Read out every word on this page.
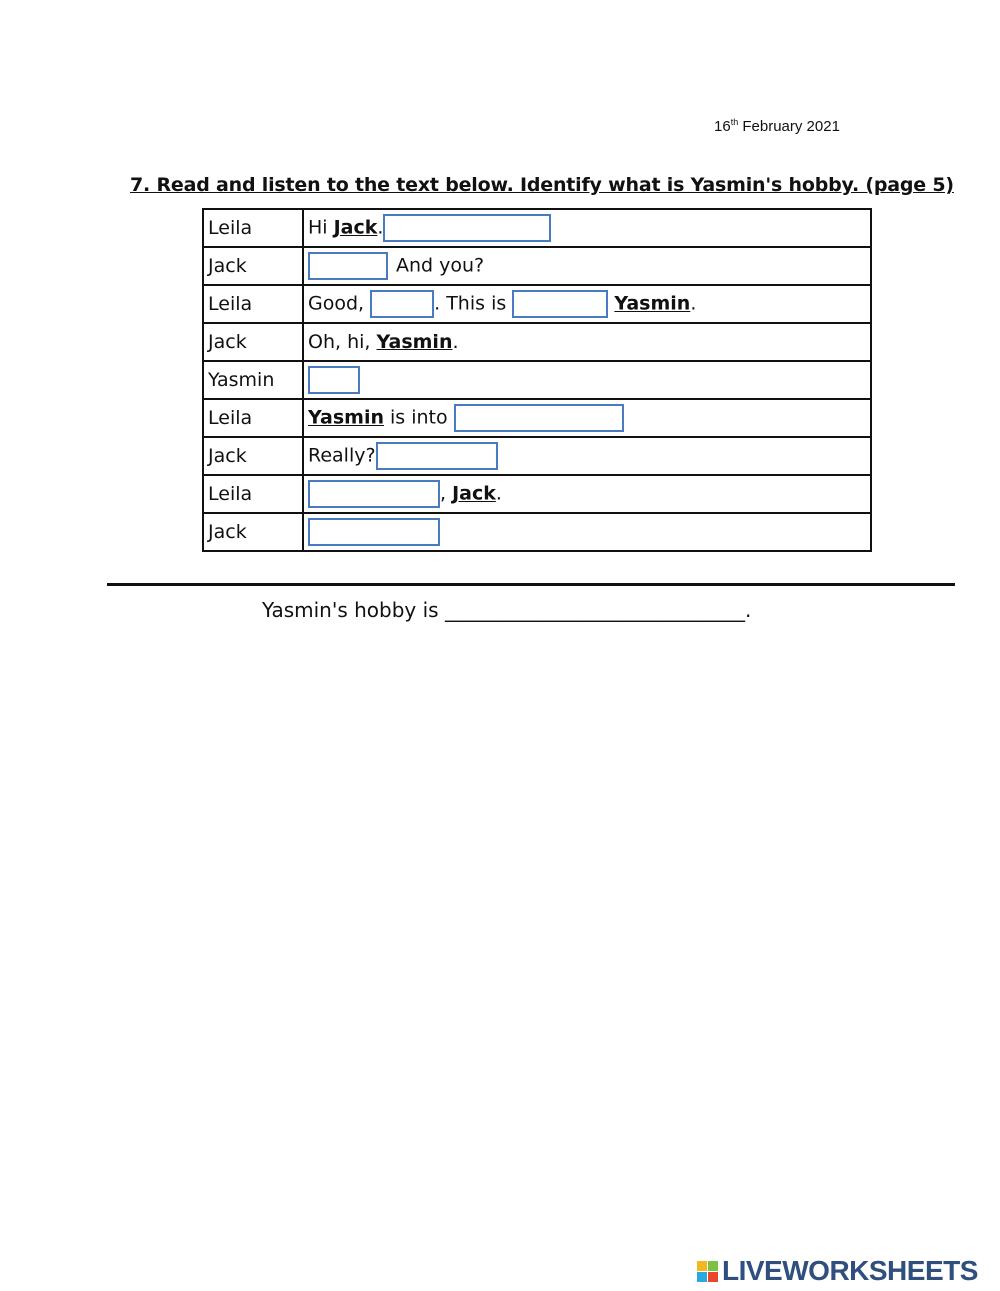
16th February 2021
7. Read and listen to the text below. Identify what is Yasmin's hobby. (page 5)
Leila	Hi Jack.
Jack	And you?
Leila	Good, . This is Yasmin.
Jack	Oh, hi, Yasmin.
Yasmin	
Leila	Yasmin is into
Jack	Really?
Leila	, Jack.
Jack	
Yasmin's hobby is ______________________________.
LIVEWORKSHEETS
